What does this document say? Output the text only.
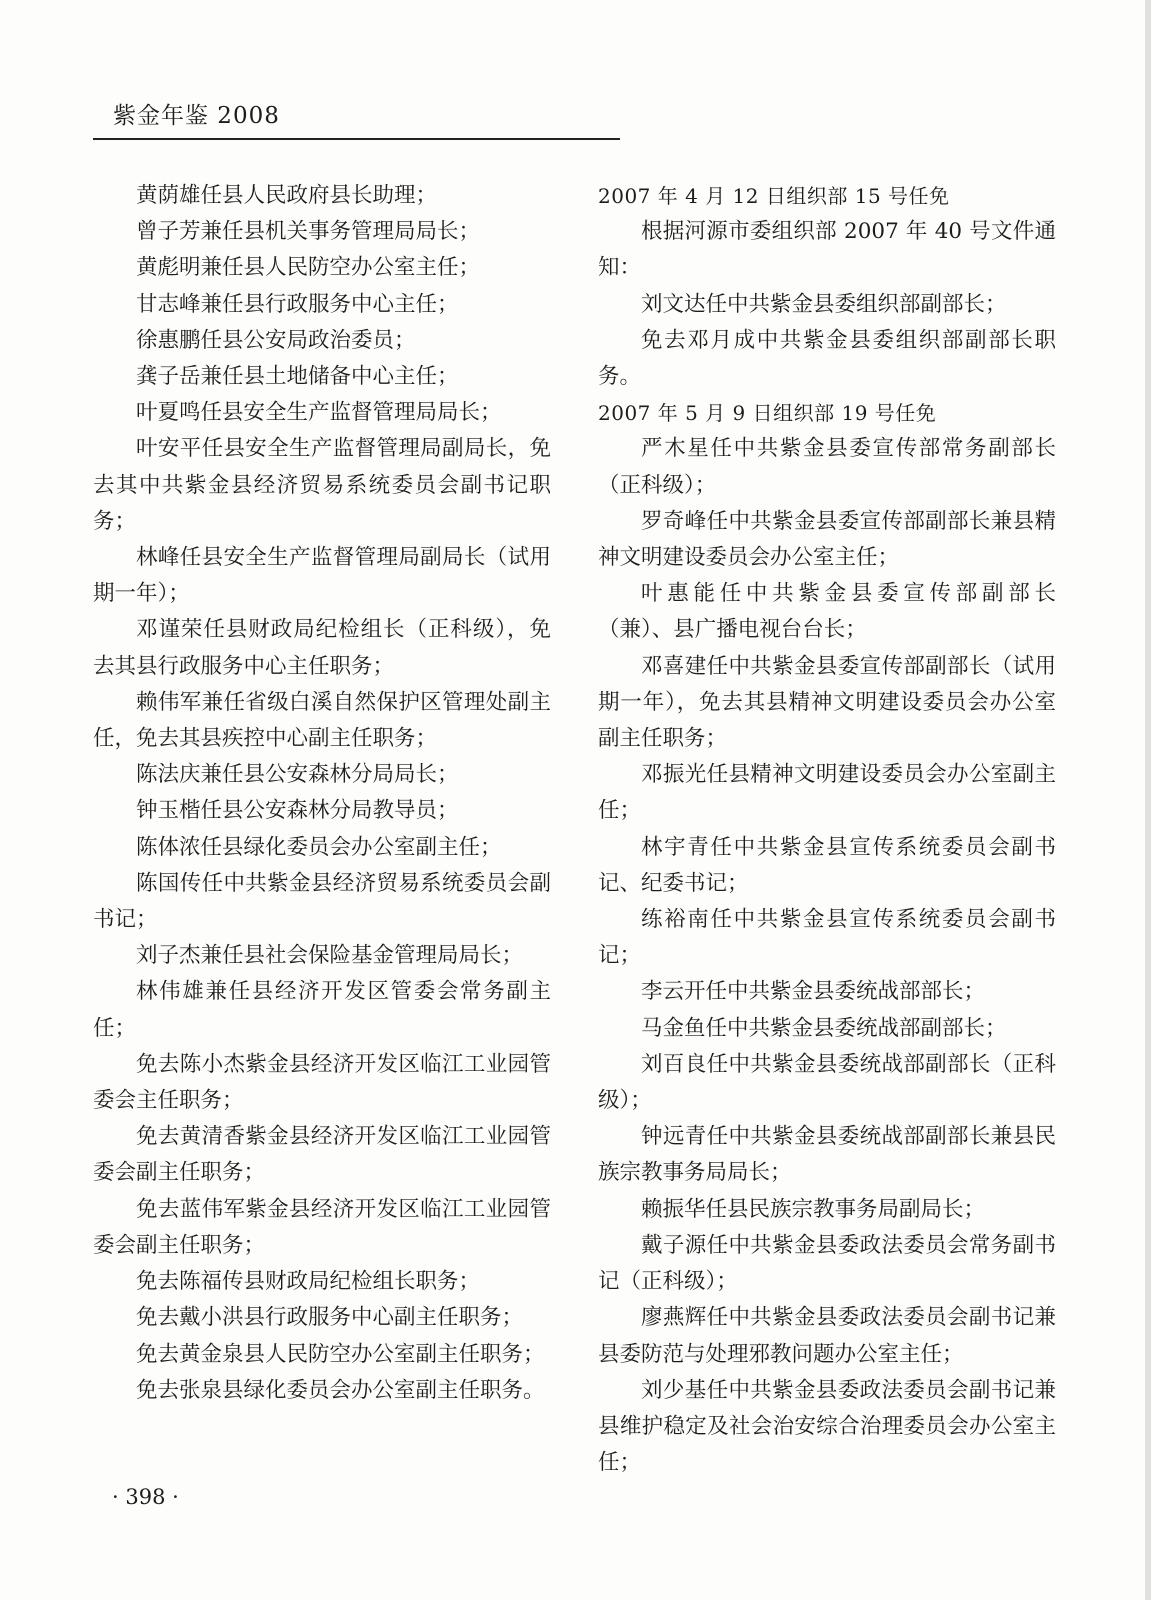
紫金年鉴 2008

黄荫雄任县人民政府县长助理；

曾子芳兼任县机关事务管理局局长；

黄彪明兼任县人民防空办公室主任；

甘志峰兼任县行政服务中心主任；

徐惠鹏任县公安局政治委员；

龚子岳兼任县土地储备中心主任；

叶夏鸣任县安全生产监督管理局局长；

叶安平任县安全生产监督管理局副局长，免去其中共紫金县经济贸易系统委员会副书记职务；

林峰任县安全生产监督管理局副局长（试用期一年）；

邓谨荣任县财政局纪检组长（正科级），免去其县行政服务中心主任职务；

赖伟军兼任省级白溪自然保护区管理处副主任，免去其县疾控中心副主任职务；

陈法庆兼任县公安森林分局局长；

钟玉楷任县公安森林分局教导员；

陈体浓任县绿化委员会办公室副主任；

陈国传任中共紫金县经济贸易系统委员会副书记；

刘子杰兼任县社会保险基金管理局局长；

林伟雄兼任县经济开发区管委会常务副主任；

免去陈小杰紫金县经济开发区临江工业园管委会主任职务；

免去黄清香紫金县经济开发区临江工业园管委会副主任职务；

免去蓝伟军紫金县经济开发区临江工业园管委会副主任职务；

免去陈福传县财政局纪检组长职务；

免去戴小洪县行政服务中心副主任职务；

免去黄金泉县人民防空办公室副主任职务；

免去张泉县绿化委员会办公室副主任职务。

2007 年 4 月 12 日组织部 15 号任免

根据河源市委组织部 2007 年 40 号文件通知：

刘文达任中共紫金县委组织部副部长；

免去邓月成中共紫金县委组织部副部长职务。

2007 年 5 月 9 日组织部 19 号任免

严木星任中共紫金县委宣传部常务副部长（正科级）；

罗奇峰任中共紫金县委宣传部副部长兼县精神文明建设委员会办公室主任；

叶惠能任中共紫金县委宣传部副部长（兼）、县广播电视台台长；

邓喜建任中共紫金县委宣传部副部长（试用期一年），免去其县精神文明建设委员会办公室副主任职务；

邓振光任县精神文明建设委员会办公室副主任；

林宇青任中共紫金县宣传系统委员会副书记、纪委书记；

练裕南任中共紫金县宣传系统委员会副书记；

李云开任中共紫金县委统战部部长；

马金鱼任中共紫金县委统战部副部长；

刘百良任中共紫金县委统战部副部长（正科级）；

钟远青任中共紫金县委统战部副部长兼县民族宗教事务局局长；

赖振华任县民族宗教事务局副局长；

戴子源任中共紫金县委政法委员会常务副书记（正科级）；

廖燕辉任中共紫金县委政法委员会副书记兼县委防范与处理邪教问题办公室主任；

刘少基任中共紫金县委政法委员会副书记兼县维护稳定及社会治安综合治理委员会办公室主任；

· 398 ·
